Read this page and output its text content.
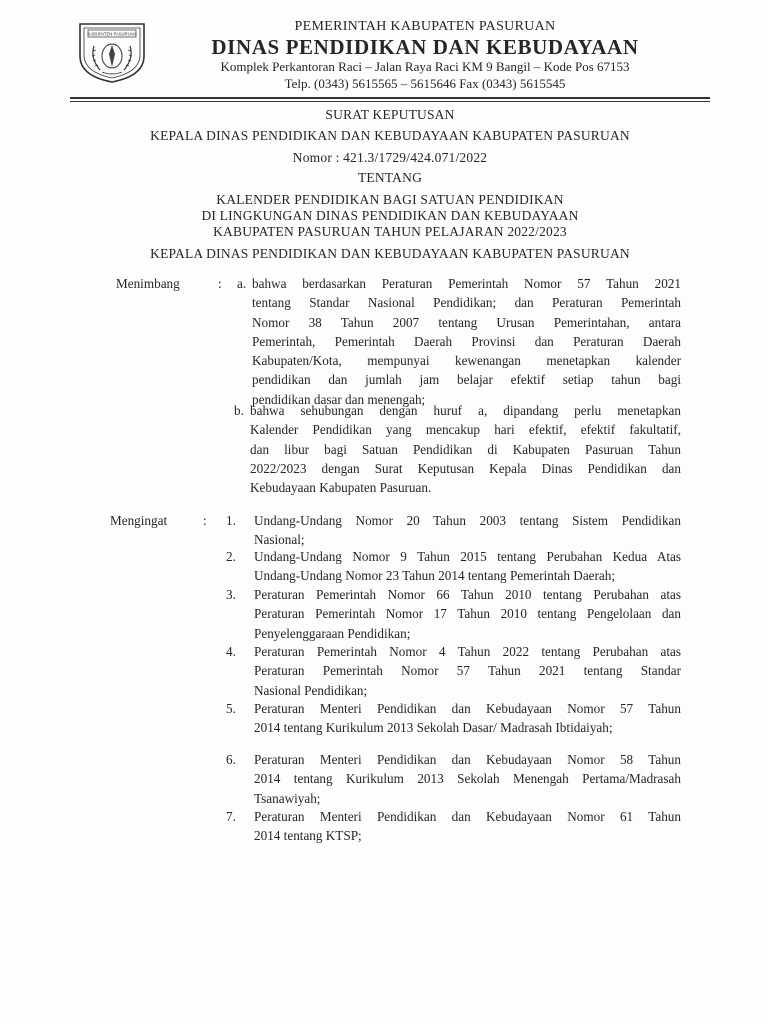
KABUPATEN PASURUAN
PEMERINTAH KABUPATEN PASURUAN
DINAS PENDIDIKAN DAN KEBUDAYAAN
Komplek Perkantoran Raci – Jalan Raya Raci KM 9 Bangil – Kode Pos 67153
Telp. (0343) 5615565 – 5615646 Fax (0343) 5615545
SURAT KEPUTUSAN
KEPALA DINAS PENDIDIKAN DAN KEBUDAYAAN KABUPATEN PASURUAN
Nomor : 421.3/1729/424.071/2022
TENTANG
KALENDER PENDIDIKAN BAGI SATUAN PENDIDIKAN
DI LINGKUNGAN DINAS PENDIDIKAN DAN KEBUDAYAAN
KABUPATEN PASURUAN TAHUN PELAJARAN 2022/2023
KEPALA DINAS PENDIDIKAN DAN KEBUDAYAAN KABUPATEN PASURUAN
Menimbang	: a. bahwa berdasarkan Peraturan Pemerintah Nomor 57 Tahun 2021
tentang Standar Nasional Pendidikan; dan Peraturan Pemerintah
Nomor 38 Tahun 2007 tentang Urusan Pemerintahan, antara
Pemerintah, Pemerintah Daerah Provinsi dan Peraturan Daerah
Kabupaten/Kota, mempunyai kewenangan menetapkan kalender
pendidikan dan jumlah jam belajar efektif setiap tahun bagi
pendidikan dasar dan menengah;
b. bahwa sehubungan dengan huruf a, dipandang perlu menetapkan
Kalender Pendidikan yang mencakup hari efektif, efektif fakultatif,
dan libur bagi Satuan Pendidikan di Kabupaten Pasuruan Tahun
2022/2023 dengan Surat Keputusan Kepala Dinas Pendidikan dan
Kebudayaan Kabupaten Pasuruan.
Mengingat	: 1. Undang-Undang Nomor 20 Tahun 2003 tentang Sistem Pendidikan
Nasional;
2. Undang-Undang Nomor 9 Tahun 2015 tentang Perubahan Kedua Atas
Undang-Undang Nomor 23 Tahun 2014 tentang Pemerintah Daerah;
3. Peraturan Pemerintah Nomor 66 Tahun 2010 tentang Perubahan atas
Peraturan Pemerintah Nomor 17 Tahun 2010 tentang Pengelolaan dan
Penyelenggaraan Pendidikan;
4. Peraturan Pemerintah Nomor 4 Tahun 2022 tentang Perubahan atas
Peraturan Pemerintah Nomor 57 Tahun 2021 tentang Standar
Nasional Pendidikan;
5. Peraturan Menteri Pendidikan dan Kebudayaan Nomor 57 Tahun
2014 tentang Kurikulum 2013 Sekolah Dasar/ Madrasah Ibtidaiyah;
6. Peraturan Menteri Pendidikan dan Kebudayaan Nomor 58 Tahun
2014 tentang Kurikulum 2013 Sekolah Menengah Pertama/Madrasah
Tsanawiyah;
7. Peraturan Menteri Pendidikan dan Kebudayaan Nomor 61 Tahun
2014 tentang KTSP;
